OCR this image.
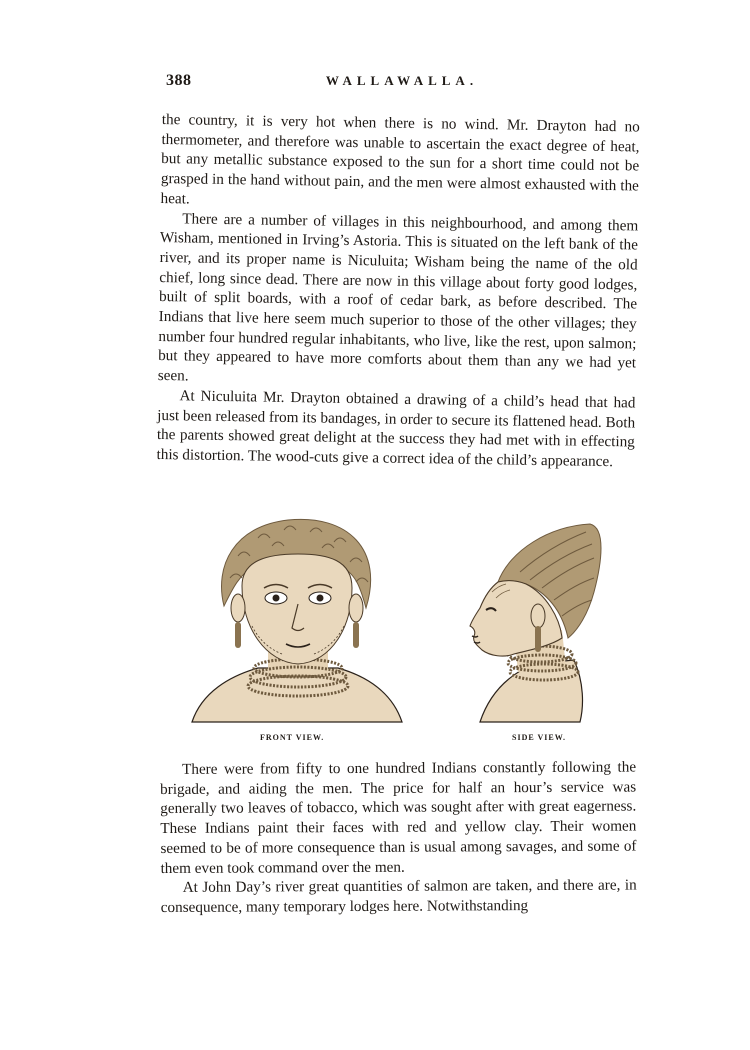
388	WALLAWALLA.

the country, it is very hot when there is no wind. Mr. Drayton had no thermometer, and therefore was unable to ascertain the exact degree of heat, but any metallic substance exposed to the sun for a short time could not be grasped in the hand without pain, and the men were almost exhausted with the heat.

There are a number of villages in this neighbourhood, and among them Wisham, mentioned in Irving’s Astoria. This is situated on the left bank of the river, and its proper name is Niculuita; Wisham being the name of the old chief, long since dead. There are now in this village about forty good lodges, built of split boards, with a roof of cedar bark, as before described. The Indians that live here seem much superior to those of the other villages; they number four hundred regular inhabitants, who live, like the rest, upon salmon; but they appeared to have more comforts about them than any we had yet seen.

At Niculuita Mr. Drayton obtained a drawing of a child’s head that had just been released from its bandages, in order to secure its flattened head. Both the parents showed great delight at the success they had met with in effecting this distortion. The wood-cuts give a correct idea of the child’s appearance.

FRONT VIEW.	SIDE VIEW.

There were from fifty to one hundred Indians constantly following the brigade, and aiding the men. The price for half an hour’s service was generally two leaves of tobacco, which was sought after with great eagerness. These Indians paint their faces with red and yellow clay. Their women seemed to be of more consequence than is usual among savages, and some of them even took command over the men.

At John Day’s river great quantities of salmon are taken, and there are, in consequence, many temporary lodges here. Notwithstanding
